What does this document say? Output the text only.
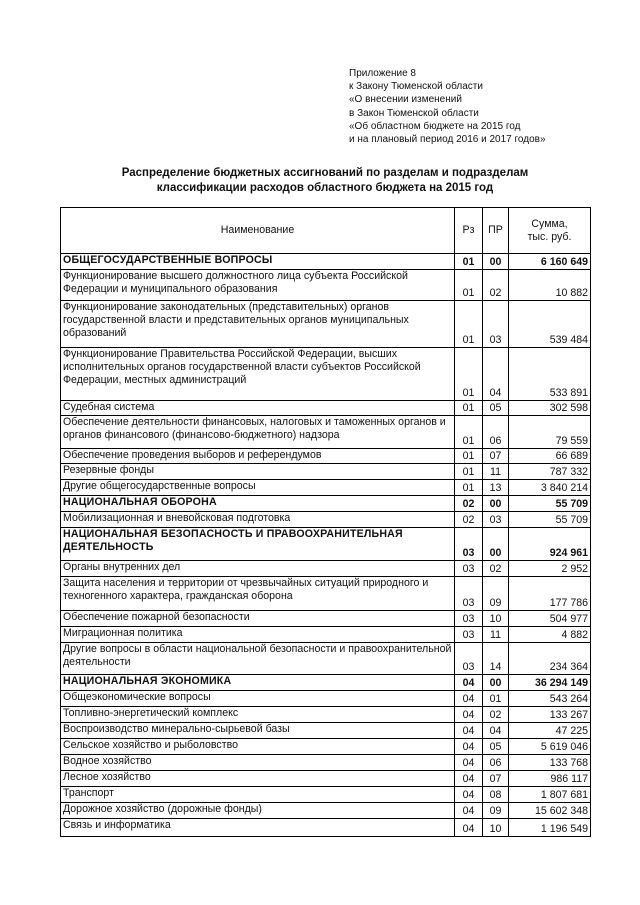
Приложение 8
к Закону Тюменской области
«О внесении изменений
в Закон Тюменской области
«Об областном бюджете на 2015 год
и на плановый период 2016 и 2017 годов»
Распределение бюджетных ассигнований по разделам и подразделам
классификации расходов областного бюджета на 2015 год
Наименование	Рз	ПР	Сумма,
тыс. руб.

ОБЩЕГОСУДАРСТВЕННЫЕ ВОПРОСЫ	01	00	6 160 649
Функционирование высшего должностного лица субъекта Российской Федерации и муниципального образования	01	02	10 882
Функционирование законодательных (представительных) органов государственной власти и представительных органов муниципальных образований	01	03	539 484
Функционирование Правительства Российской Федерации, высших исполнительных органов государственной власти субъектов Российской Федерации, местных администраций	01	04	533 891
Судебная система	01	05	302 598
Обеспечение деятельности финансовых, налоговых и таможенных органов и органов финансового (финансово-бюджетного) надзора	01	06	79 559
Обеспечение проведения выборов и референдумов	01	07	66 689
Резервные фонды	01	11	787 332
Другие общегосударственные вопросы	01	13	3 840 214
НАЦИОНАЛЬНАЯ ОБОРОНА	02	00	55 709
Мобилизационная и вневойсковая подготовка	02	03	55 709
НАЦИОНАЛЬНАЯ БЕЗОПАСНОСТЬ И ПРАВООХРАНИТЕЛЬНАЯ ДЕЯТЕЛЬНОСТЬ	03	00	924 961
Органы внутренних дел	03	02	2 952
Защита населения и территории от чрезвычайных ситуаций природного и техногенного характера, гражданская оборона	03	09	177 786
Обеспечение пожарной безопасности	03	10	504 977
Миграционная политика	03	11	4 882
Другие вопросы в области национальной безопасности и правоохранительной деятельности	03	14	234 364
НАЦИОНАЛЬНАЯ ЭКОНОМИКА	04	00	36 294 149
Общеэкономические вопросы	04	01	543 264
Топливно-энергетический комплекс	04	02	133 267
Воспроизводство минерально-сырьевой базы	04	04	47 225
Сельское хозяйство и рыболовство	04	05	5 619 046
Водное хозяйство	04	06	133 768
Лесное хозяйство	04	07	986 117
Транспорт	04	08	1 807 681
Дорожное хозяйство (дорожные фонды)	04	09	15 602 348
Связь и информатика	04	10	1 196 549
